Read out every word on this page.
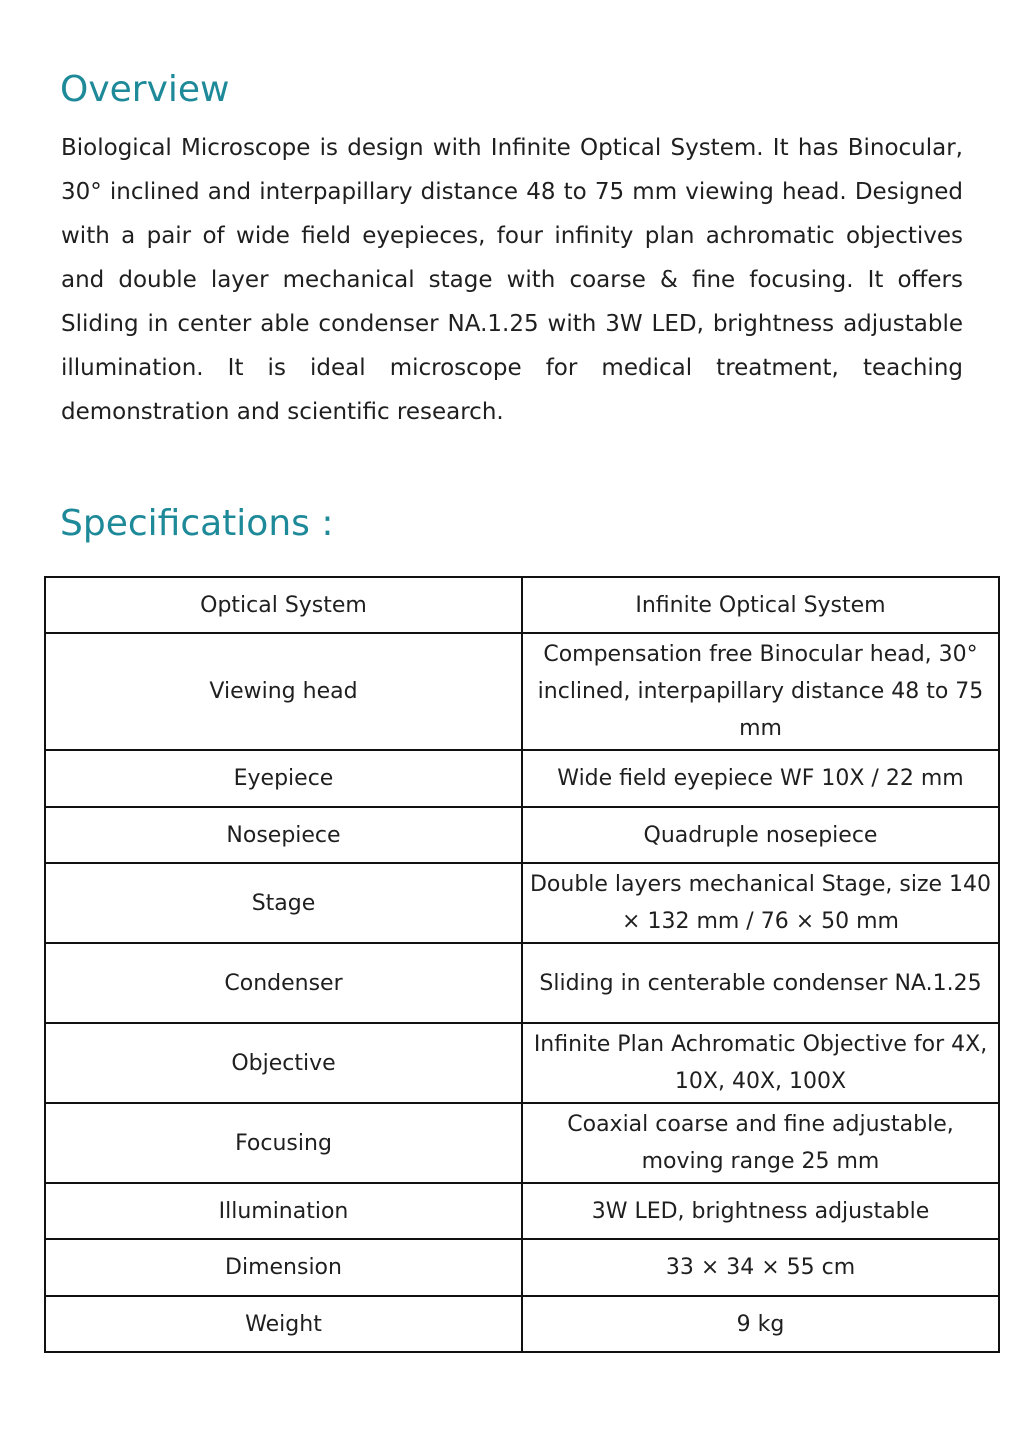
Overview

Biological Microscope is design with Infinite Optical System. It has Binocular, 30° inclined and interpapillary distance 48 to 75 mm viewing head. Designed with a pair of wide field eyepieces, four infinity plan achromatic objectives and double layer mechanical stage with coarse & fine focusing. It offers Sliding in center able condenser NA.1.25 with 3W LED, brightness adjustable illumination. It is ideal microscope for medical treatment, teaching demonstration and scientific research.

Specifications :
Optical System	Infinite Optical System
Viewing head	Compensation free Binocular head, 30° inclined, interpapillary distance 48 to 75 mm
Eyepiece	Wide field eyepiece WF 10X / 22 mm
Nosepiece	Quadruple nosepiece
Stage	Double layers mechanical Stage, size 140 × 132 mm / 76 × 50 mm
Condenser	Sliding in centerable condenser NA.1.25
Objective	Infinite Plan Achromatic Objective for 4X, 10X, 40X, 100X
Focusing	Coaxial coarse and fine adjustable, moving range 25 mm
Illumination	3W LED, brightness adjustable
Dimension	33 × 34 × 55 cm
Weight	9 kg
